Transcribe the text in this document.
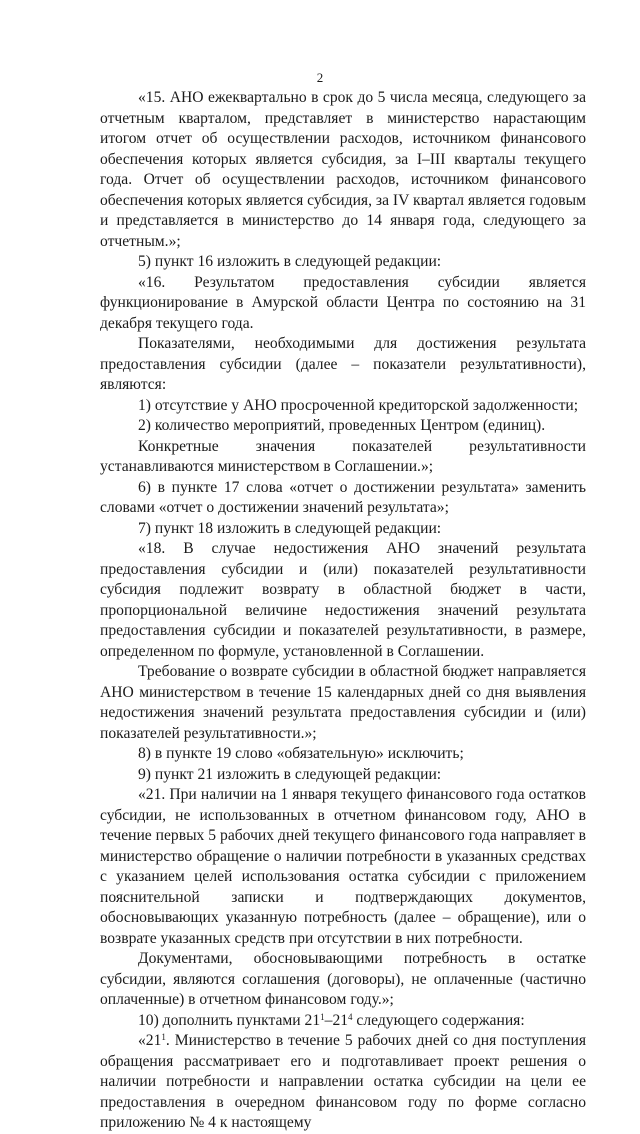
2

«15. АНО ежеквартально в срок до 5 числа месяца, следующего за отчетным кварталом, представляет в министерство нарастающим итогом отчет об осуществлении расходов, источником финансового обеспечения которых является субсидия, за I–III кварталы текущего года. Отчет об осуществлении расходов, источником финансового обеспечения которых является субсидия, за IV квартал является годовым и представляется в министерство до 14 января года, следующего за отчетным.»;

5) пункт 16 изложить в следующей редакции:

«16. Результатом предоставления субсидии является функционирование в Амурской области Центра по состоянию на 31 декабря текущего года.

Показателями, необходимыми для достижения результата предоставления субсидии (далее – показатели результативности), являются:

1) отсутствие у АНО просроченной кредиторской задолженности;

2) количество мероприятий, проведенных Центром (единиц).

Конкретные значения показателей результативности устанавливаются министерством в Соглашении.»;

6) в пункте 17 слова «отчет о достижении результата» заменить словами «отчет о достижении значений результата»;

7) пункт 18 изложить в следующей редакции:

«18. В случае недостижения АНО значений результата предоставления субсидии и (или) показателей результативности субсидия подлежит возврату в областной бюджет в части, пропорциональной величине недостижения значений результата предоставления субсидии и показателей результативности, в размере, определенном по формуле, установленной в Соглашении.

Требование о возврате субсидии в областной бюджет направляется АНО министерством в течение 15 календарных дней со дня выявления недостижения значений результата предоставления субсидии и (или) показателей результативности.»;

8) в пункте 19 слово «обязательную» исключить;

9) пункт 21 изложить в следующей редакции:

«21. При наличии на 1 января текущего финансового года остатков субсидии, не использованных в отчетном финансовом году, АНО в течение первых 5 рабочих дней текущего финансового года направляет в министерство обращение о наличии потребности в указанных средствах с указанием целей использования остатка субсидии с приложением пояснительной записки и подтверждающих документов, обосновывающих указанную потребность (далее – обращение), или о возврате указанных средств при отсутствии в них потребности.

Документами, обосновывающими потребность в остатке субсидии, являются соглашения (договоры), не оплаченные (частично оплаченные) в отчетном финансовом году.»;

10) дополнить пунктами $21^1-21^4$ следующего содержания:

«$21^1$. Министерство в течение 5 рабочих дней со дня поступления обращения рассматривает его и подготавливает проект решения о наличии потребности и направлении остатка субсидии на цели ее предоставления в очередном финансовом году по форме согласно приложению № 4 к настоящему
